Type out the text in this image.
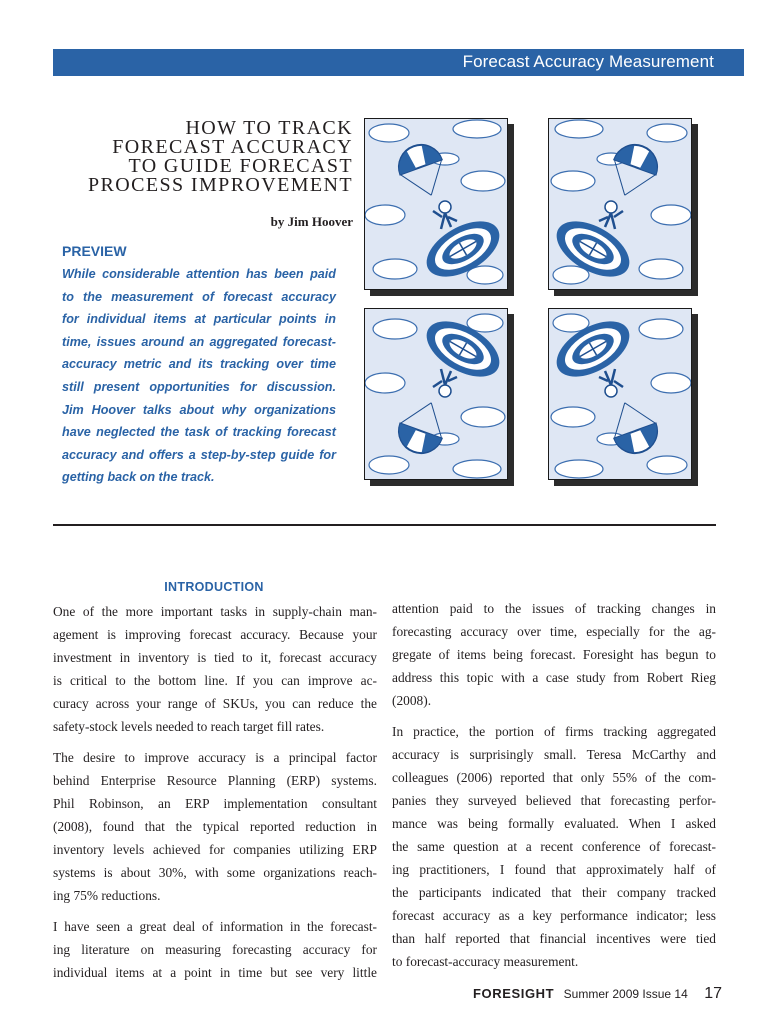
Forecast Accuracy Measurement
HOW TO TRACK
FORECAST ACCURACY
TO GUIDE FORECAST
PROCESS IMPROVEMENT
by Jim Hoover
PREVIEW
While considerable attention has been paid
to the measurement of forecast accuracy
for individual items at particular points in
time, issues around an aggregated forecast-
accuracy metric and its tracking over time
still present opportunities for discussion.
Jim Hoover talks about why organizations
have neglected the task of tracking forecast
accuracy and offers a step-by-step guide for
getting back on the track.
INTRODUCTION

One of the more important tasks in supply-chain man-
agement is improving forecast accuracy. Because your
investment in inventory is tied to it, forecast accuracy
is critical to the bottom line. If you can improve ac-
curacy across your range of SKUs, you can reduce the
safety-stock levels needed to reach target fill rates.

The desire to improve accuracy is a principal factor
behind Enterprise Resource Planning (ERP) systems.
Phil Robinson, an ERP implementation consultant
(2008), found that the typical reported reduction in
inventory levels achieved for companies utilizing ERP
systems is about 30%, with some organizations reach-
ing 75% reductions.

I have seen a great deal of information in the forecast-
ing literature on measuring forecasting accuracy for
individual items at a point in time but see very little

attention paid to the issues of tracking changes in
forecasting accuracy over time, especially for the ag-
gregate of items being forecast. Foresight has begun to
address this topic with a case study from Robert Rieg
(2008).

In practice, the portion of firms tracking aggregated
accuracy is surprisingly small. Teresa McCarthy and
colleagues (2006) reported that only 55% of the com-
panies they surveyed believed that forecasting perfor-
mance was being formally evaluated. When I asked
the same question at a recent conference of forecast-
ing practitioners, I found that approximately half of
the participants indicated that their company tracked
forecast accuracy as a key performance indicator; less
than half reported that financial incentives were tied
to forecast-accuracy measurement.

FORESIGHT Summer 2009 Issue 14 17
